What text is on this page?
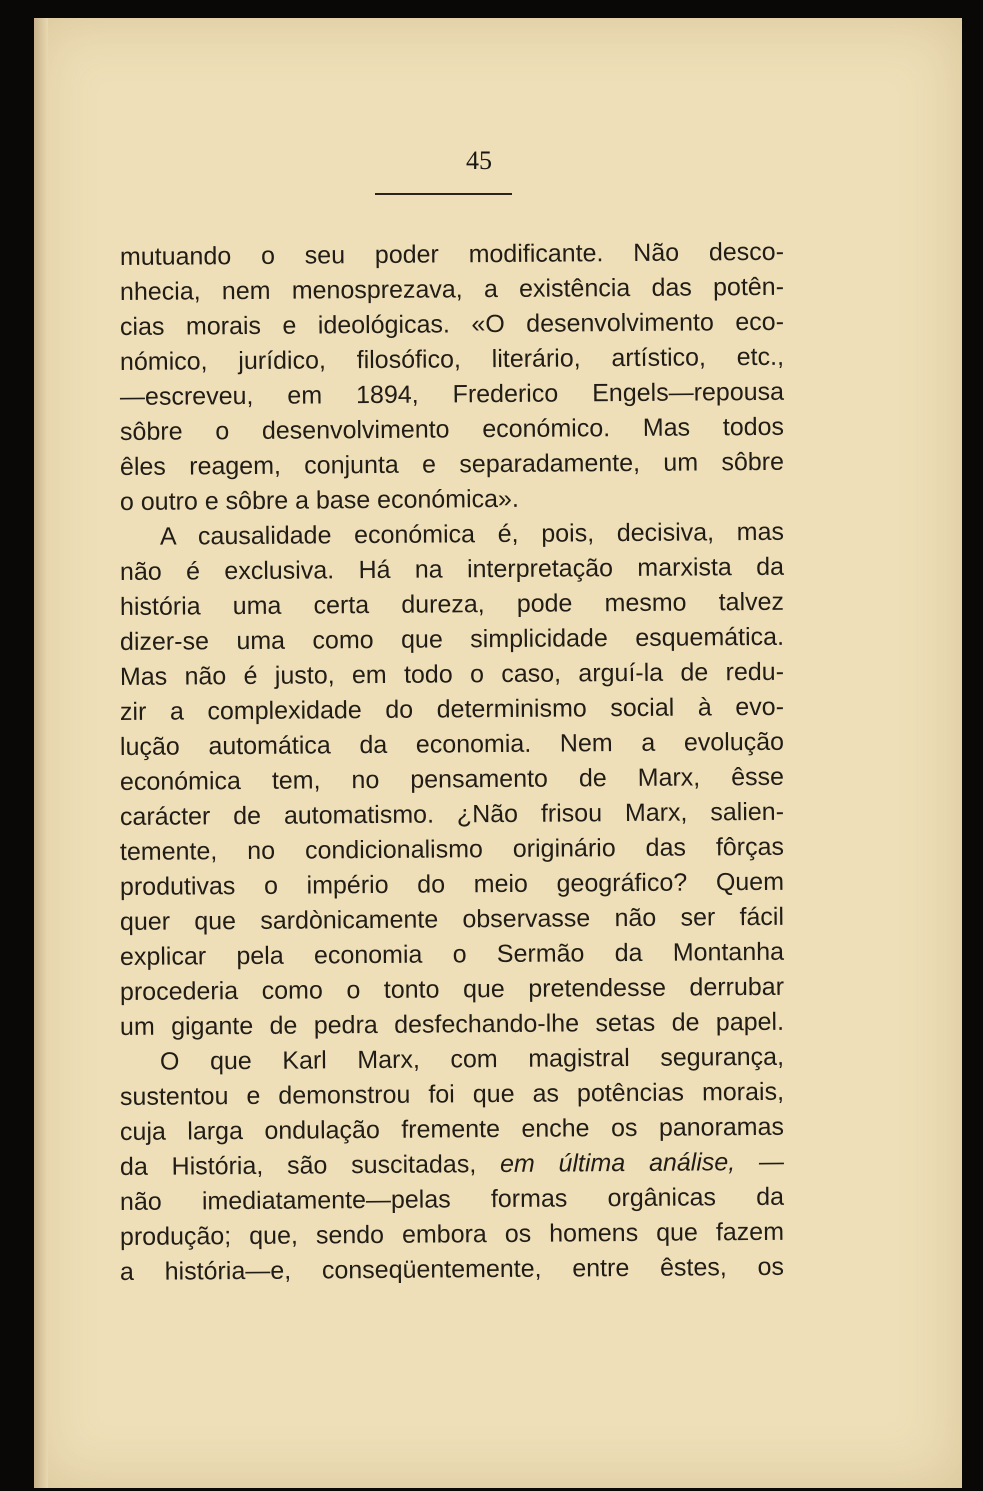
45
mutuando o seu poder modificante. Não desco-
nhecia, nem menosprezava, a existência das potên-
cias morais e ideológicas. «O desenvolvimento eco-
nómico, jurídico, filosófico, literário, artístico, etc.,
—escreveu, em 1894, Frederico Engels—repousa
sôbre o desenvolvimento económico. Mas todos
êles reagem, conjunta e separadamente, um sôbre
o outro e sôbre a base económica».
A causalidade económica é, pois, decisiva, mas
não é exclusiva. Há na interpretação marxista da
história uma certa dureza, pode mesmo talvez
dizer-se uma como que simplicidade esquemática.
Mas não é justo, em todo o caso, arguí-la de redu-
zir a complexidade do determinismo social à evo-
lução automática da economia. Nem a evolução
económica tem, no pensamento de Marx, êsse
carácter de automatismo. ¿Não frisou Marx, salien-
temente, no condicionalismo originário das fôrças
produtivas o império do meio geográfico? Quem
quer que sardònicamente observasse não ser fácil
explicar pela economia o Sermão da Montanha
procederia como o tonto que pretendesse derrubar
um gigante de pedra desfechando-lhe setas de papel.
O que Karl Marx, com magistral segurança,
sustentou e demonstrou foi que as potências morais,
cuja larga ondulação fremente enche os panoramas
da História, são suscitadas, em última análise, —
não imediatamente—pelas formas orgânicas da
produção; que, sendo embora os homens que fazem
a história—e, conseqüentemente, entre êstes, os
